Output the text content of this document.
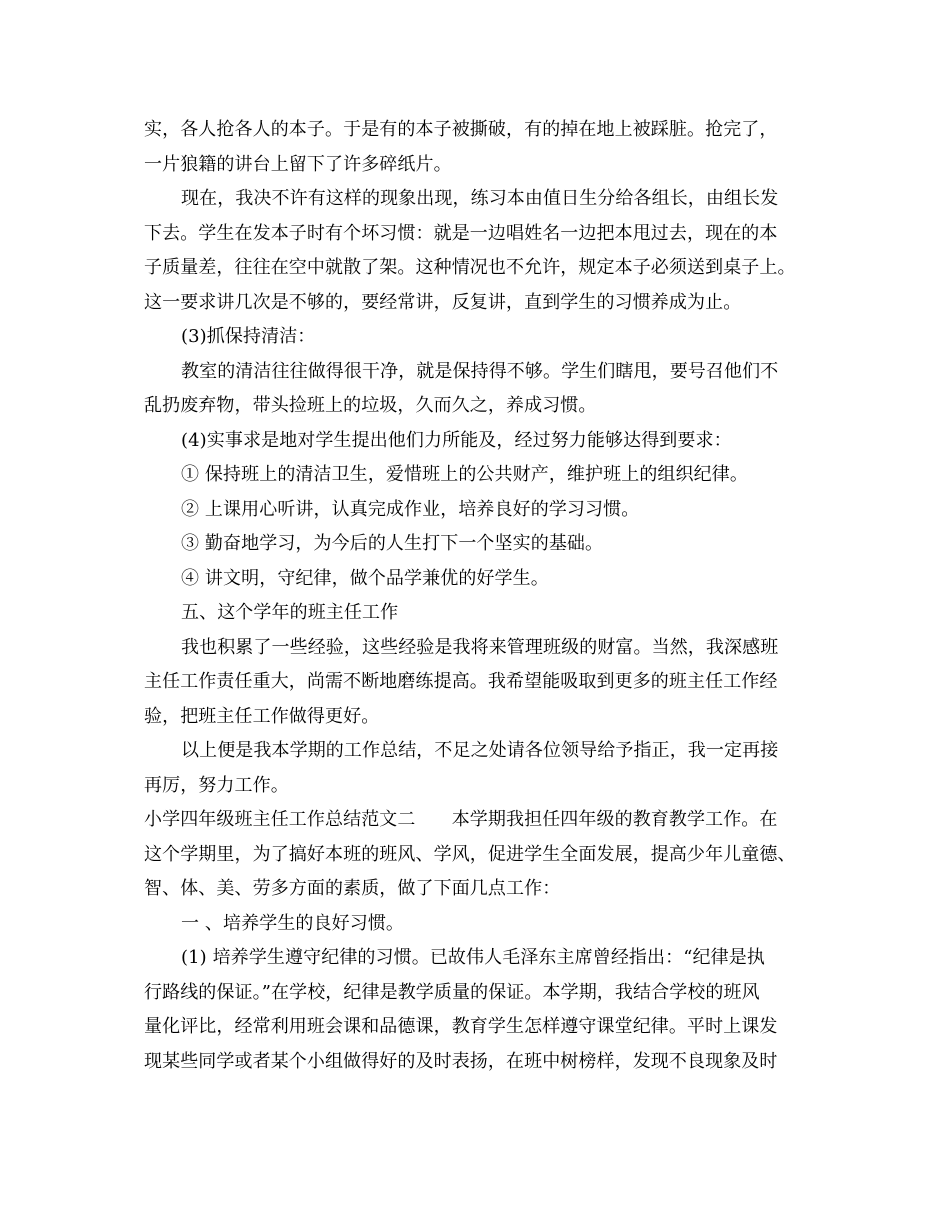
实，各人抢各人的本子。于是有的本子被撕破，有的掉在地上被踩脏。抢完了，
一片狼籍的讲台上留下了许多碎纸片。
现在，我决不许有这样的现象出现，练习本由值日生分给各组长，由组长发
下去。学生在发本子时有个坏习惯：就是一边唱姓名一边把本甩过去，现在的本
子质量差，往往在空中就散了架。这种情况也不允许，规定本子必须送到桌子上。
这一要求讲几次是不够的，要经常讲，反复讲，直到学生的习惯养成为止。
(3)抓保持清洁：
教室的清洁往往做得很干净，就是保持得不够。学生们瞎甩，要号召他们不
乱扔废弃物，带头捡班上的垃圾，久而久之，养成习惯。
(4)实事求是地对学生提出他们力所能及，经过努力能够达得到要求：
① 保持班上的清洁卫生，爱惜班上的公共财产，维护班上的组织纪律。
② 上课用心听讲，认真完成作业，培养良好的学习习惯。
③ 勤奋地学习，为今后的人生打下一个坚实的基础。
④ 讲文明，守纪律，做个品学兼优的好学生。
五、这个学年的班主任工作
我也积累了一些经验，这些经验是我将来管理班级的财富。当然，我深感班
主任工作责任重大，尚需不断地磨练提高。我希望能吸取到更多的班主任工作经
验，把班主任工作做得更好。
以上便是我本学期的工作总结，不足之处请各位领导给予指正，我一定再接
再厉，努力工作。
小学四年级班主任工作总结范文二　　本学期我担任四年级的教育教学工作。在
这个学期里，为了搞好本班的班风、学风，促进学生全面发展，提高少年儿童德、
智、体、美、劳多方面的素质，做了下面几点工作：
一 、培养学生的良好习惯。
(1) 培养学生遵守纪律的习惯。已故伟人毛泽东主席曾经指出：“纪律是执
行路线的保证。”在学校，纪律是教学质量的保证。本学期，我结合学校的班风
量化评比，经常利用班会课和品德课，教育学生怎样遵守课堂纪律。平时上课发
现某些同学或者某个小组做得好的及时表扬，在班中树榜样，发现不良现象及时
